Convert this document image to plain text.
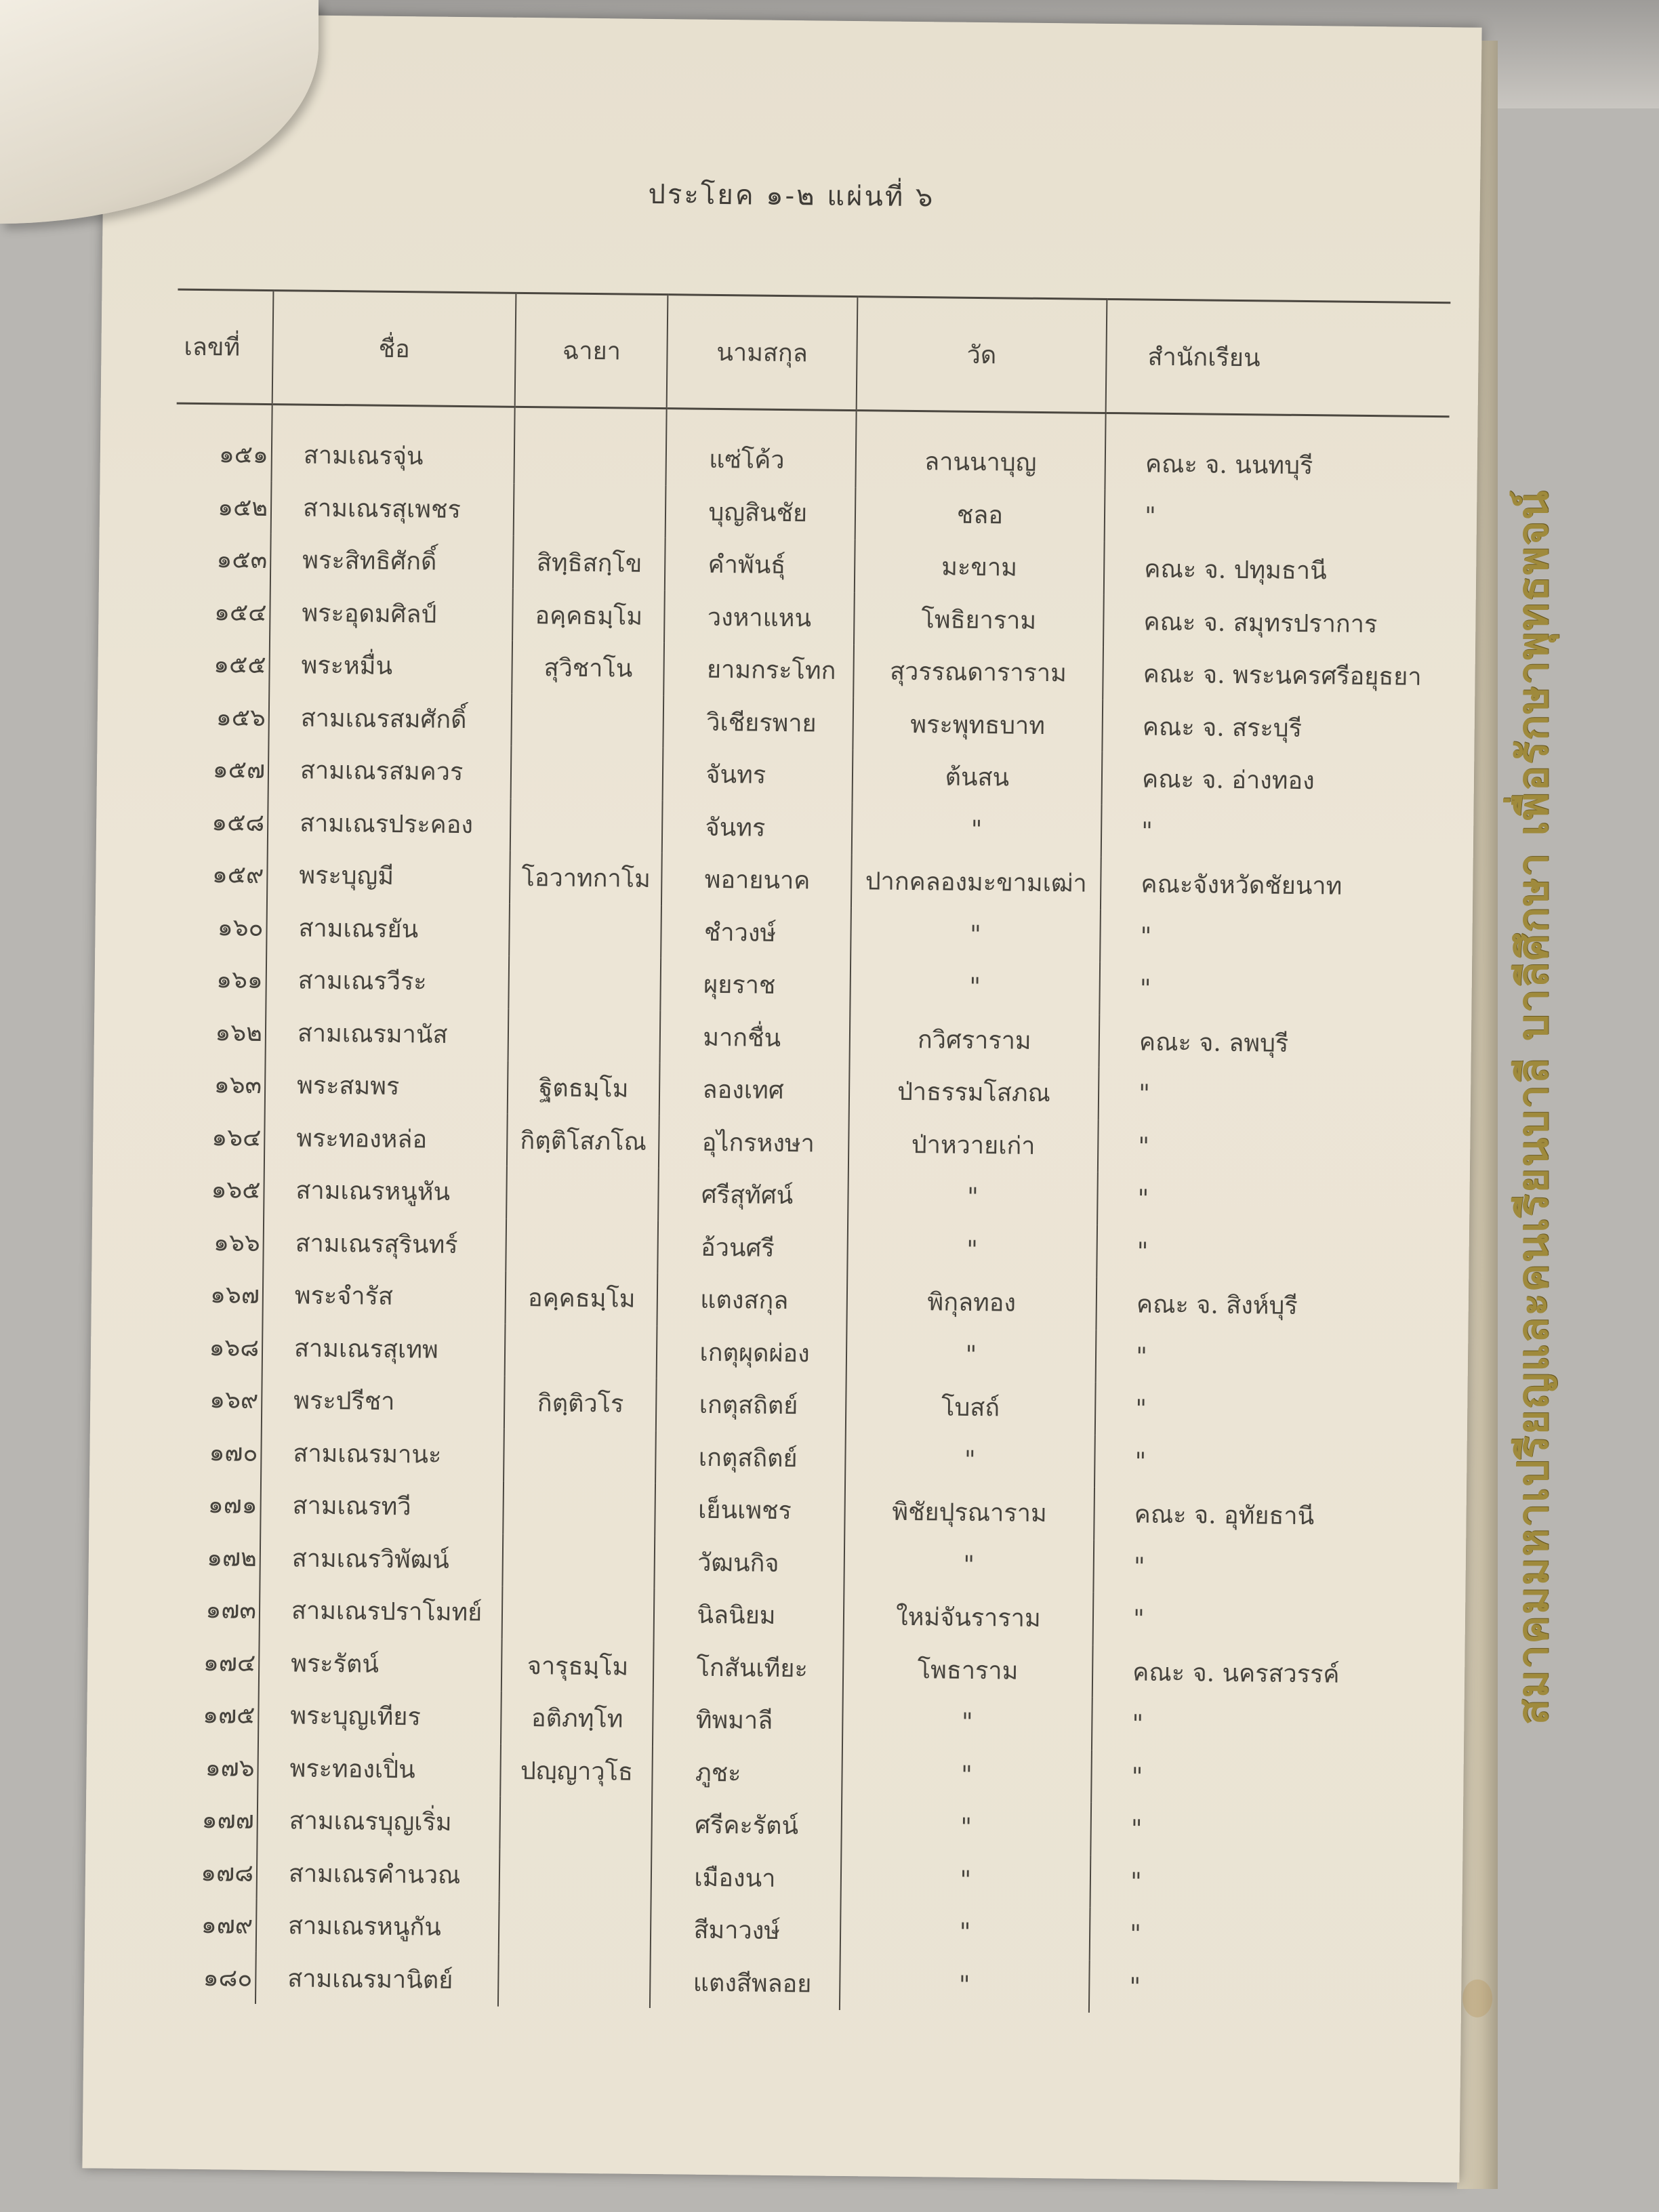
ประโยค ๑-๒ แผ่นที่ ๖
เลขที่	ชื่อ	ฉายา	นามสกุล	วัด	สำนักเรียน
๑๕๑	สามเณรจุ่น		แซ่โค้ว	ลานนาบุญ	คณะ จ. นนทบุรี
๑๕๒	สามเณรสุเพชร		บุญสินชัย	ชลอ	"
๑๕๓	พระสิทธิศักดิ์	สิทฺธิสกฺโข	คำพันธุ์	มะขาม	คณะ จ. ปทุมธานี
๑๕๔	พระอุดมศิลป์	อคฺคธมฺโม	วงหาแหน	โพธิยาราม	คณะ จ. สมุทรปราการ
๑๕๕	พระหมื่น	สุวิชาโน	ยามกระโทก	สุวรรณดาราราม	คณะ จ. พระนครศรีอยุธยา
๑๕๖	สามเณรสมศักดิ์		วิเชียรพาย	พระพุทธบาท	คณะ จ. สระบุรี
๑๕๗	สามเณรสมควร		จันทร	ต้นสน	คณะ จ. อ่างทอง
๑๕๘	สามเณรประคอง		จันทร	"	"
๑๕๙	พระบุญมี	โอวาทกาโม	พอายนาค	ปากคลองมะขามเฒ่า	คณะจังหวัดชัยนาท
๑๖๐	สามเณรยัน		ชำวงษ์	"	"
๑๖๑	สามเณรวีระ		ผุยราช	"	"
๑๖๒	สามเณรมานัส		มากชื่น	กวิศราราม	คณะ จ. ลพบุรี
๑๖๓	พระสมพร	ฐิตธมฺโม	ลองเทศ	ป่าธรรมโสภณ	"
๑๖๔	พระทองหล่อ	กิตฺติโสภโณ	อุไกรหงษา	ป่าหวายเก่า	"
๑๖๕	สามเณรหนูหัน		ศรีสุทัศน์	"	"
๑๖๖	สามเณรสุรินทร์		อ้วนศรี	"	"
๑๖๗	พระจำรัส	อคฺคธมฺโม	แตงสกุล	พิกุลทอง	คณะ จ. สิงห์บุรี
๑๖๘	สามเณรสุเทพ		เกตุผุดผ่อง	"	"
๑๖๙	พระปรีชา	กิตฺติวโร	เกตุสถิตย์	โบสถ์	"
๑๗๐	สามเณรมานะ		เกตุสถิตย์	"	"
๑๗๑	สามเณรทวี		เย็นเพชร	พิชัยปุรณาราม	คณะ จ. อุทัยธานี
๑๗๒	สามเณรวิพัฒน์		วัฒนกิจ	"	"
๑๗๓	สามเณรปราโมทย์		นิลนิยม	ใหม่จันราราม	"
๑๗๔	พระรัตน์	จารุธมฺโม	โกสันเทียะ	โพธาราม	คณะ จ. นครสวรรค์
๑๗๕	พระบุญเทียร	อติภทฺโท	ทิพมาลี	"	"
๑๗๖	พระทองเปิ่น	ปญฺญาวุโธ	ภูชะ	"	"
๑๗๗	สามเณรบุญเริ่ม		ศรีคะรัตน์	"	"
๑๗๘	สามเณรคำนวณ		เมืองนา	"	"
๑๗๙	สามเณรหนูกัน		สีมาวงษ์	"	"
๑๘๐	สามเณรมานิตย์		แตงสีพลอย	"	"
สมาคมมหาเปรียญและคนเรียนบาลี บาลีศึกษา เพื่อรักษาพุทธพจน์
